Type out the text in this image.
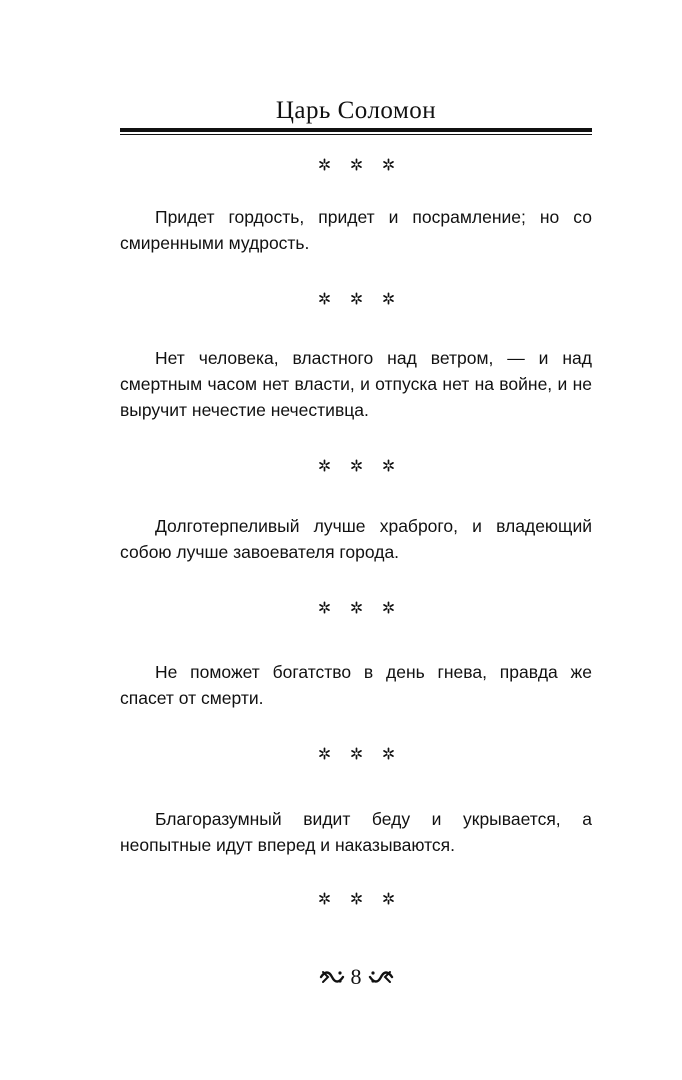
Царь Соломон
Придет гордость, придет и посрамление; но со смиренными мудрость.
Нет человека, властного над ветром, — и над смертным часом нет власти, и отпуска нет на войне, и не выручит нечестие нечестивца.
Долготерпеливый лучше храброго, и владеющий собою лучше завоевателя города.
Не поможет богатство в день гнева, правда же спасет от смерти.
Благоразумный видит беду и укрывается, а неопытные идут вперед и наказываются.
8
